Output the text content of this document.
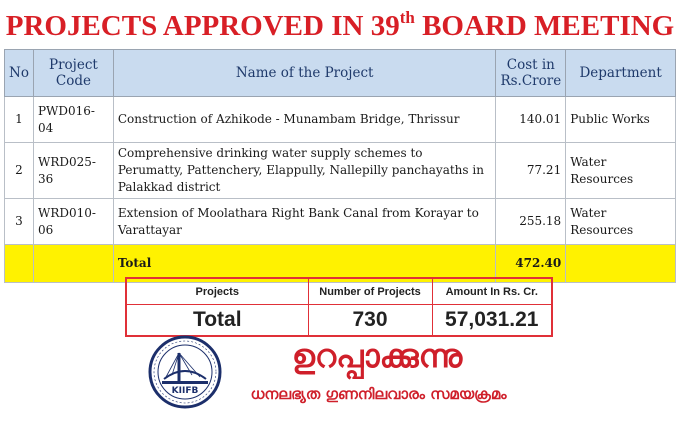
PROJECTS APPROVED IN 39th BOARD MEETING
No	Project Code	Name of the Project	Cost in Rs.Crore	Department
1	PWD016-04	Construction of Azhikode - Munambam Bridge, Thrissur	140.01	Public Works
2	WRD025-36	Comprehensive drinking water supply schemes to Perumatty, Pattenchery, Elappully, Nallepilly panchayaths in Palakkad district	77.21	Water Resources
3	WRD010-06	Extension of Moolathara Right Bank Canal from Korayar to Varattayar	255.18	Water Resources
		Total	472.40	
Projects	Number of Projects	Amount In Rs. Cr.
Total	730	57,031.21
KIIFB
ഉറപ്പാക്കുന്നു
ധനലഭ്യത ഗുണനിലവാരം സമയക്രമം
